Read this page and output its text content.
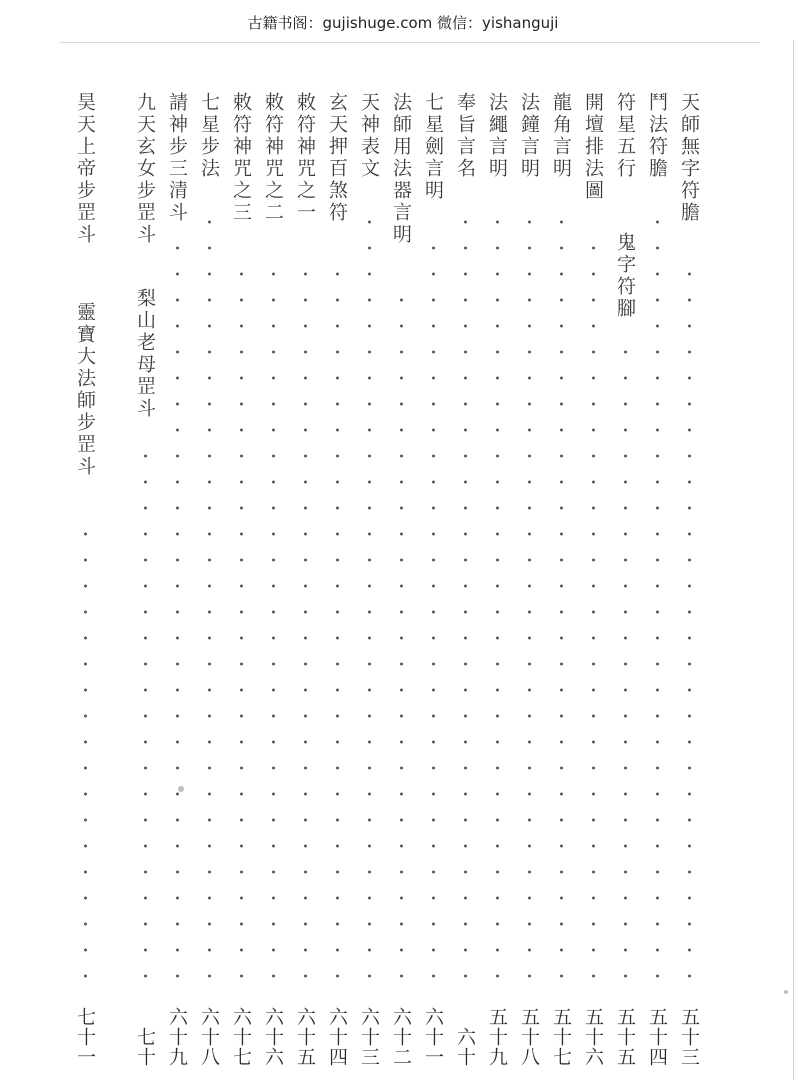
古籍书阁：gujishuge.com 微信：yishanguji
天師無字符膽
五十三
鬥法符膽
五十四
符星五行
鬼字符腳
五十五
開壇排法圖
五十六
龍角言明
五十七
法鐘言明
五十八
法繩言明
五十九
奉旨言名
六十
七星劍言明
六十一
法師用法器言明
六十二
天神表文
六十三
玄天押百煞符
六十四
敕符神咒之一
六十五
敕符神咒之二
六十六
敕符神咒之三
六十七
七星步法
六十八
請神步三清斗
六十九
九天玄女步罡斗
梨山老母罡斗
七十
昊天上帝步罡斗
靈寶大法師步罡斗
七十一
